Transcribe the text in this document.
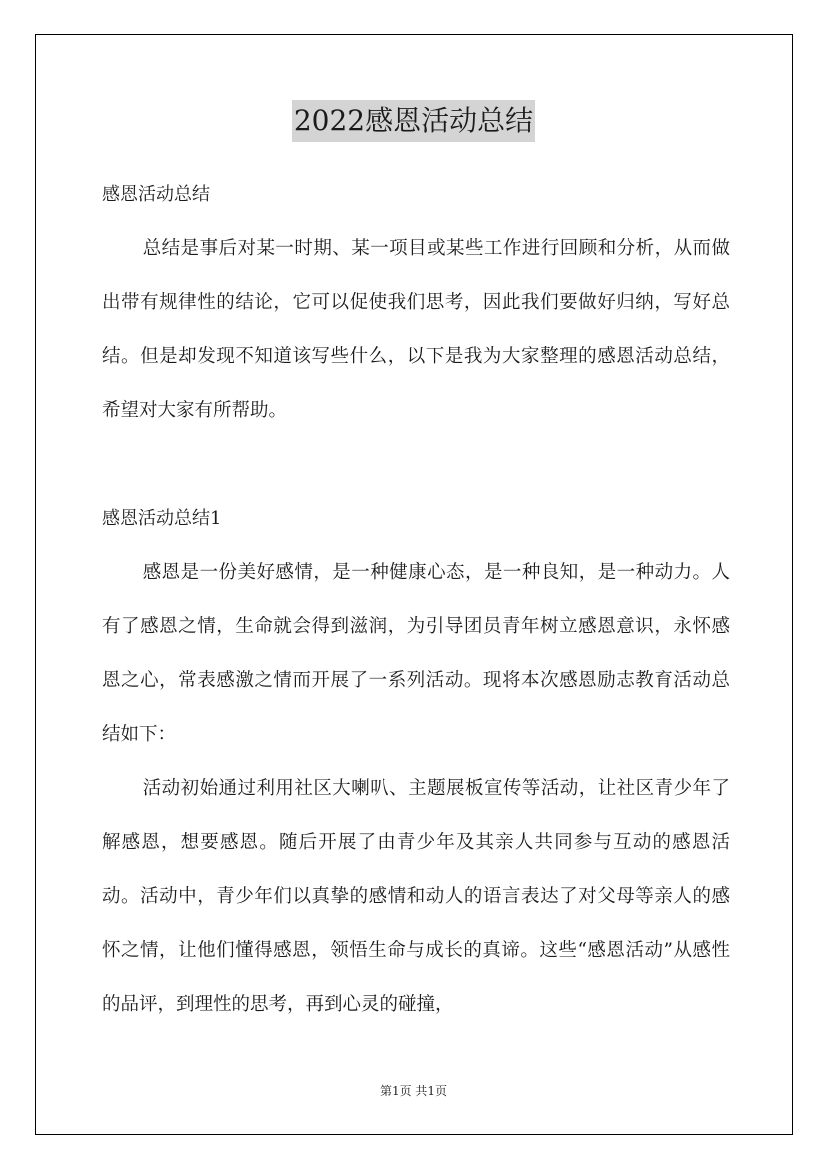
2022感恩活动总结

感恩活动总结

总结是事后对某一时期、某一项目或某些工作进行回顾和分析，从而做出带有规律性的结论，它可以促使我们思考，因此我们要做好归纳，写好总结。但是却发现不知道该写些什么，以下是我为大家整理的感恩活动总结，希望对大家有所帮助。

感恩活动总结1

感恩是一份美好感情，是一种健康心态，是一种良知，是一种动力。人有了感恩之情，生命就会得到滋润，为引导团员青年树立感恩意识，永怀感恩之心，常表感激之情而开展了一系列活动。现将本次感恩励志教育活动总结如下：

活动初始通过利用社区大喇叭、主题展板宣传等活动，让社区青少年了解感恩，想要感恩。随后开展了由青少年及其亲人共同参与互动的感恩活动。活动中，青少年们以真挚的感情和动人的语言表达了对父母等亲人的感怀之情，让他们懂得感恩，领悟生命与成长的真谛。这些“感恩活动”从感性的品评，到理性的思考，再到心灵的碰撞，

第1页 共1页
